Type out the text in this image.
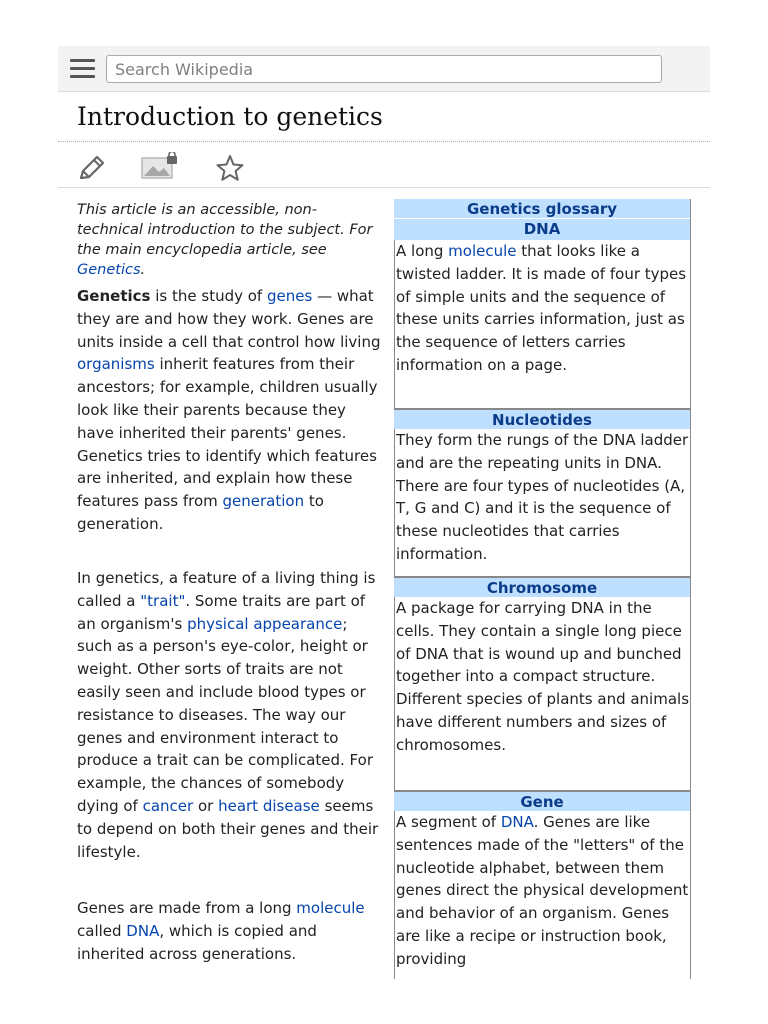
Search Wikipedia
Introduction to genetics
This article is an accessible, non-technical introduction to the subject. For the main encyclopedia article, see Genetics.
Genetics is the study of genes — what they are and how they work. Genes are units inside a cell that control how living organisms inherit features from their ancestors; for example, children usually look like their parents because they have inherited their parents' genes. Genetics tries to identify which features are inherited, and explain how these features pass from generation to generation.
In genetics, a feature of a living thing is called a "trait". Some traits are part of an organism's physical appearance; such as a person's eye-color, height or weight. Other sorts of traits are not easily seen and include blood types or resistance to diseases. The way our genes and environment interact to produce a trait can be complicated. For example, the chances of somebody dying of cancer or heart disease seems to depend on both their genes and their lifestyle.
Genes are made from a long molecule called DNA, which is copied and inherited across generations.
Genetics glossary
DNA
A long molecule that looks like a twisted ladder. It is made of four types of simple units and the sequence of these units carries information, just as the sequence of letters carries information on a page.
Nucleotides
They form the rungs of the DNA ladder and are the repeating units in DNA. There are four types of nucleotides (A, T, G and C) and it is the sequence of these nucleotides that carries information.
Chromosome
A package for carrying DNA in the cells. They contain a single long piece of DNA that is wound up and bunched together into a compact structure. Different species of plants and animals have different numbers and sizes of chromosomes.
Gene
A segment of DNA. Genes are like sentences made of the "letters" of the nucleotide alphabet, between them genes direct the physical development and behavior of an organism. Genes are like a recipe or instruction book, providing
